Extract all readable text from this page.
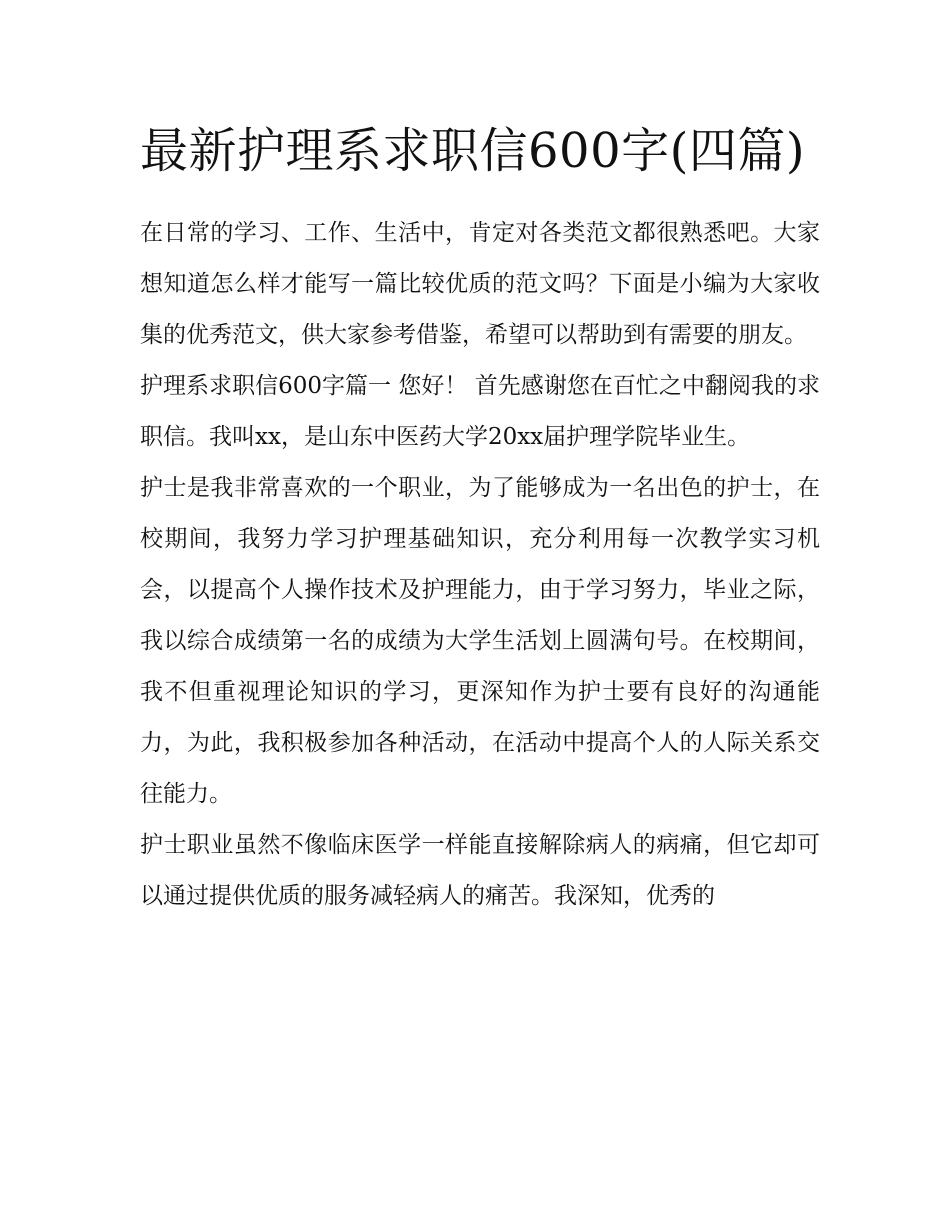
最新护理系求职信600字(四篇)

在日常的学习、工作、生活中，肯定对各类范文都很熟悉吧。大家想知道怎么样才能写一篇比较优质的范文吗？下面是小编为大家收集的优秀范文，供大家参考借鉴，希望可以帮助到有需要的朋友。

护理系求职信600字篇一 您好！ 首先感谢您在百忙之中翻阅我的求职信。我叫xx，是山东中医药大学20xx届护理学院毕业生。

护士是我非常喜欢的一个职业，为了能够成为一名出色的护士，在校期间，我努力学习护理基础知识，充分利用每一次教学实习机会，以提高个人操作技术及护理能力，由于学习努力，毕业之际，我以综合成绩第一名的成绩为大学生活划上圆满句号。在校期间，我不但重视理论知识的学习，更深知作为护士要有良好的沟通能力，为此，我积极参加各种活动，在活动中提高个人的人际关系交往能力。

护士职业虽然不像临床医学一样能直接解除病人的病痛，但它却可以通过提供优质的服务减轻病人的痛苦。我深知，优秀的
